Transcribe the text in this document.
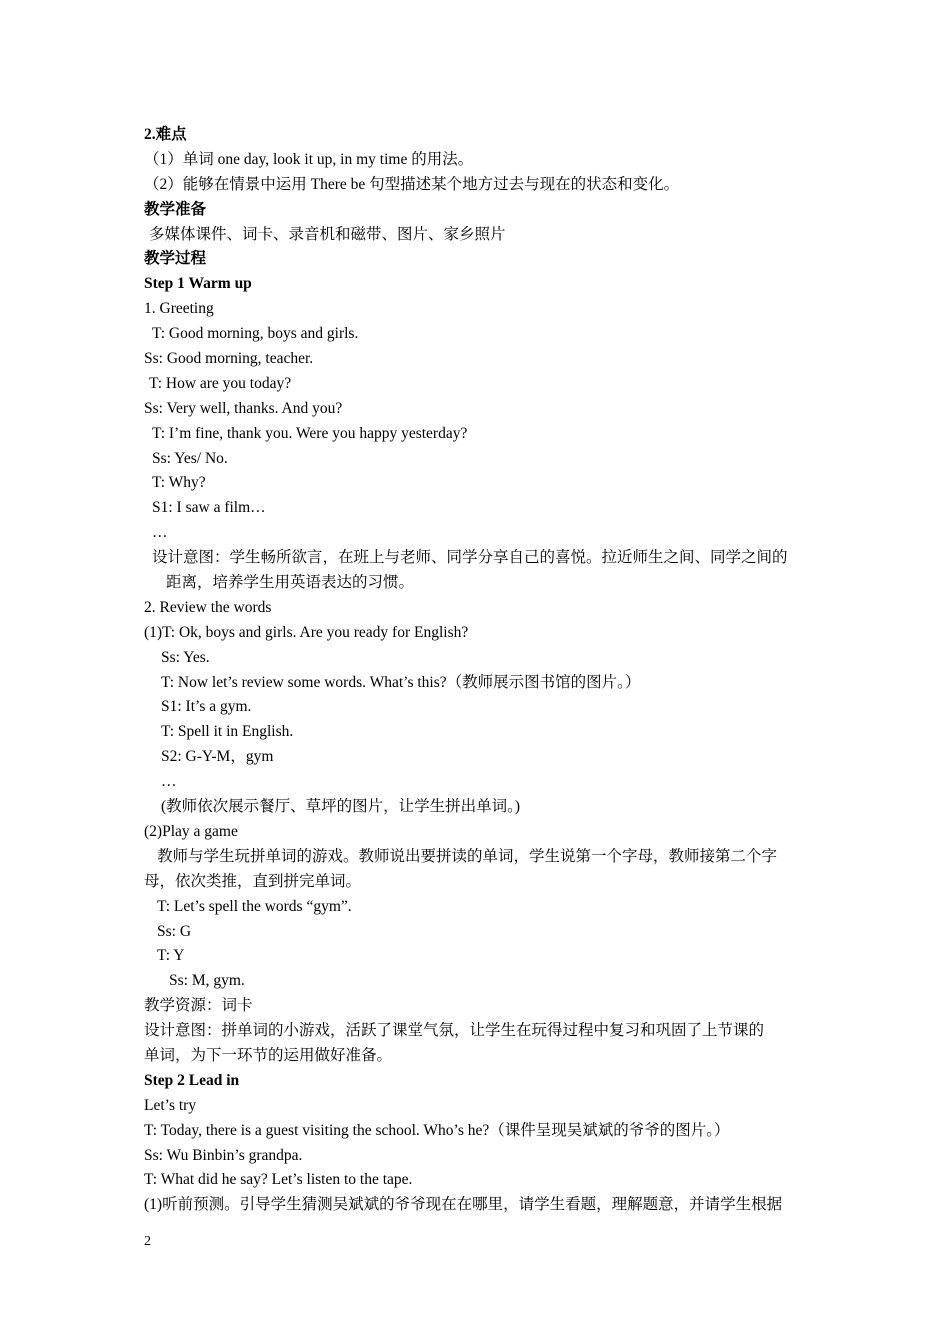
2.难点
（1）单词 one day, look it up, in my time 的用法。
（2）能够在情景中运用 There be 句型描述某个地方过去与现在的状态和变化。
教学准备
多媒体课件、词卡、录音机和磁带、图片、家乡照片
教学过程
Step 1 Warm up
1. Greeting
T: Good morning, boys and girls.
Ss: Good morning, teacher.
T: How are you today?
Ss: Very well, thanks. And you?
T: I’m fine, thank you. Were you happy yesterday?
Ss: Yes/ No.
T: Why?
S1: I saw a film…
…
设计意图：学生畅所欲言，在班上与老师、同学分享自己的喜悦。拉近师生之间、同学之间的
距离，培养学生用英语表达的习惯。
2. Review the words
(1)T: Ok, boys and girls. Are you ready for English?
Ss: Yes.
T: Now let’s review some words. What’s this?（教师展示图书馆的图片。）
S1: It’s a gym.
T: Spell it in English.
S2: G-Y-M，gym
…
(教师依次展示餐厅、草坪的图片，让学生拼出单词。)
(2)Play a game
教师与学生玩拼单词的游戏。教师说出要拼读的单词，学生说第一个字母，教师接第二个字
母，依次类推，直到拼完单词。
T: Let’s spell the words “gym”.
Ss: G
T: Y
Ss: M, gym.
教学资源：词卡
设计意图：拼单词的小游戏，活跃了课堂气氛，让学生在玩得过程中复习和巩固了上节课的
单词，为下一环节的运用做好准备。
Step 2 Lead in
Let’s try
T: Today, there is a guest visiting the school. Who’s he?（课件呈现吴斌斌的爷爷的图片。）
Ss: Wu Binbin’s grandpa.
T: What did he say? Let’s listen to the tape.
(1)听前预测。引导学生猜测吴斌斌的爷爷现在在哪里，请学生看题，理解题意，并请学生根据
2
